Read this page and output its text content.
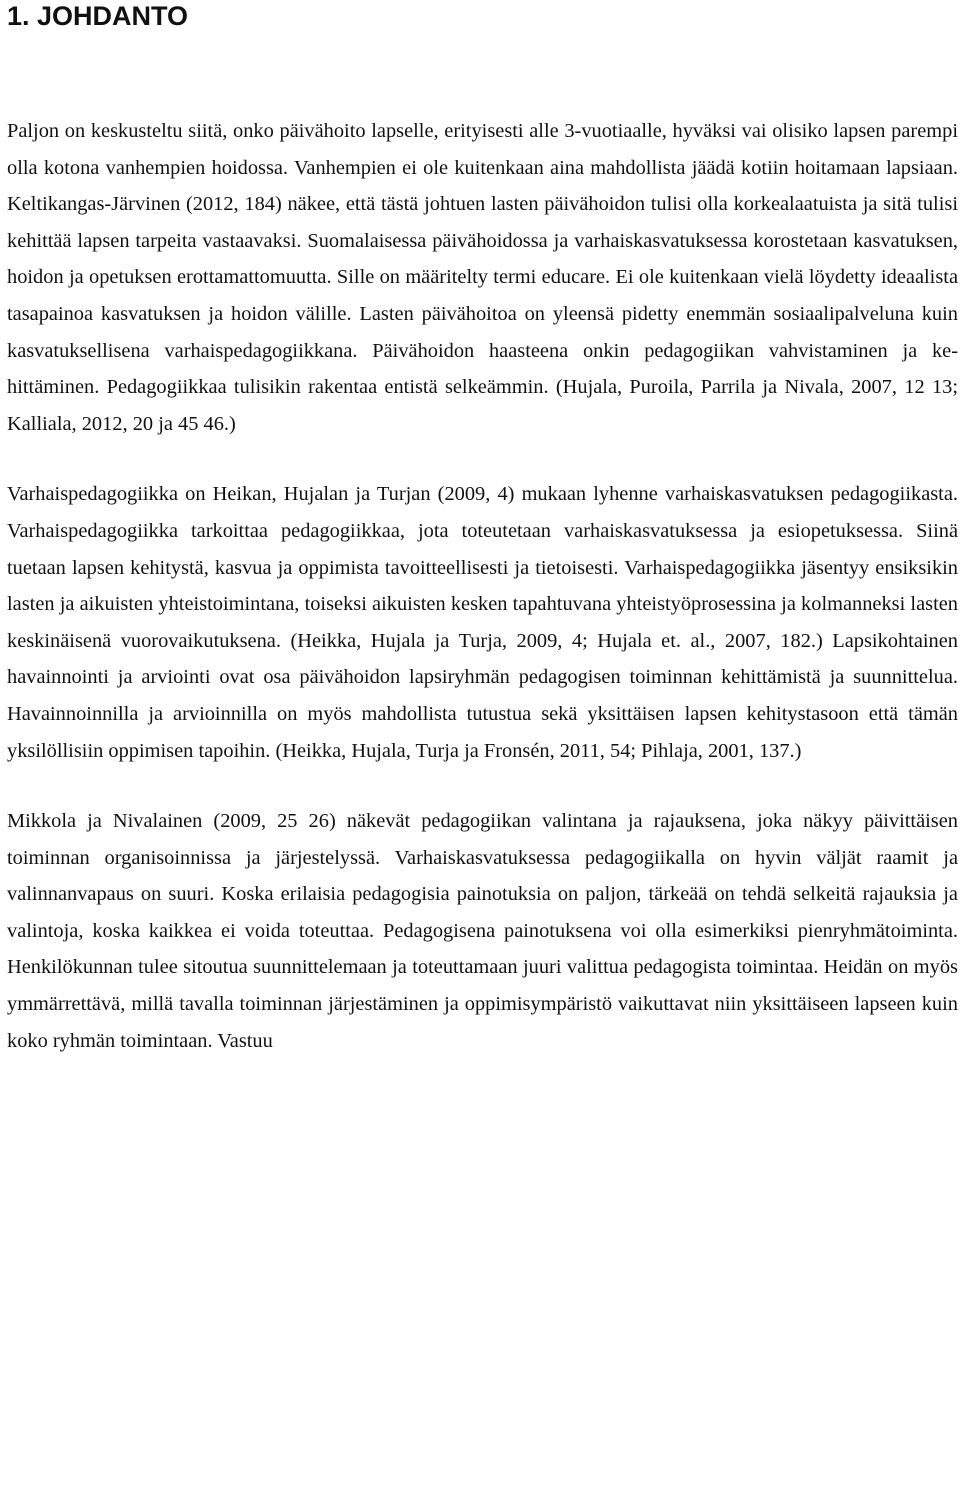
1. JOHDANTO

Paljon on keskusteltu siitä, onko päivähoito lapselle, erityisesti alle 3-vuotiaalle, hyväksi vai olisiko lapsen parempi olla kotona vanhempien hoidossa. Vanhempien ei ole kuitenkaan aina mahdollista jäädä kotiin hoitamaan lapsiaan. Keltikangas-Järvinen (2012, 184) näkee, että tästä johtuen lasten päivähoidon tulisi olla korkealaatuista ja sitä tulisi kehittää lapsen tarpeita vastaavaksi. Suomalaisessa päivähoidossa ja varhaiskasvatuksessa korostetaan kasvatuksen, hoidon ja opetuksen erottamattomuutta. Sille on määritelty termi educare. Ei ole kuitenkaan vielä löydetty ideaalista tasapainoa kasvatuksen ja hoidon välille. Lasten päivähoitoa on yleensä pidetty enemmän sosiaalipalveluna kuin kasvatuksellisena varhaispedagogiikkana. Päivähoidon haasteena onkin pedagogiikan vahvistaminen ja kehittäminen. Pedagogiikkaa tulisikin rakentaa entistä selkeämmin. (Hujala, Puroila, Parrila ja Nivala, 2007, 12 13; Kalliala, 2012, 20 ja 45 46.)

Varhaispedagogiikka on Heikan, Hujalan ja Turjan (2009, 4) mukaan lyhenne varhaiskasvatuksen pedagogiikasta. Varhaispedagogiikka tarkoittaa pedagogiikkaa, jota toteutetaan varhaiskasvatuksessa ja esiopetuksessa. Siinä tuetaan lapsen kehitystä, kasvua ja oppimista tavoitteellisesti ja tietoisesti. Varhaispedagogiikka jäsentyy ensiksikin lasten ja aikuisten yhteistoimintana, toiseksi aikuisten kesken tapahtuvana yhteistyöprosessina ja kolmanneksi lasten keskinäisenä vuorovaikutuksena. (Heikka, Hujala ja Turja, 2009, 4; Hujala et. al., 2007, 182.) Lapsikohtainen havainnointi ja arviointi ovat osa päivähoidon lapsiryhmän pedagogisen toiminnan kehittämistä ja suunnittelua. Havainnoinnilla ja arvioinnilla on myös mahdollista tutustua sekä yksittäisen lapsen kehitystasoon että tämän yksilöllisiin oppimisen tapoihin. (Heikka, Hujala, Turja ja Fronsén, 2011, 54; Pihlaja, 2001, 137.)

Mikkola ja Nivalainen (2009, 25 26) näkevät pedagogiikan valintana ja rajauksena, joka näkyy päivittäisen toiminnan organisoinnissa ja järjestelyssä. Varhaiskasvatuksessa pedagogiikalla on hyvin väljät raamit ja valinnanvapaus on suuri. Koska erilaisia pedagogisia painotuksia on paljon, tärkeää on tehdä selkeitä rajauksia ja valintoja, koska kaikkea ei voida toteuttaa. Pedagogisena painotuksena voi olla esimerkiksi pienryhmätoiminta. Henkilökunnan tulee sitoutua suunnittelemaan ja toteuttamaan juuri valittua pedagogista toimintaa. Heidän on myös ymmärrettävä, millä tavalla toiminnan järjestäminen ja oppimisympäristö vaikuttavat niin yksittäiseen lapseen kuin koko ryhmän toimintaan. Vastuu
